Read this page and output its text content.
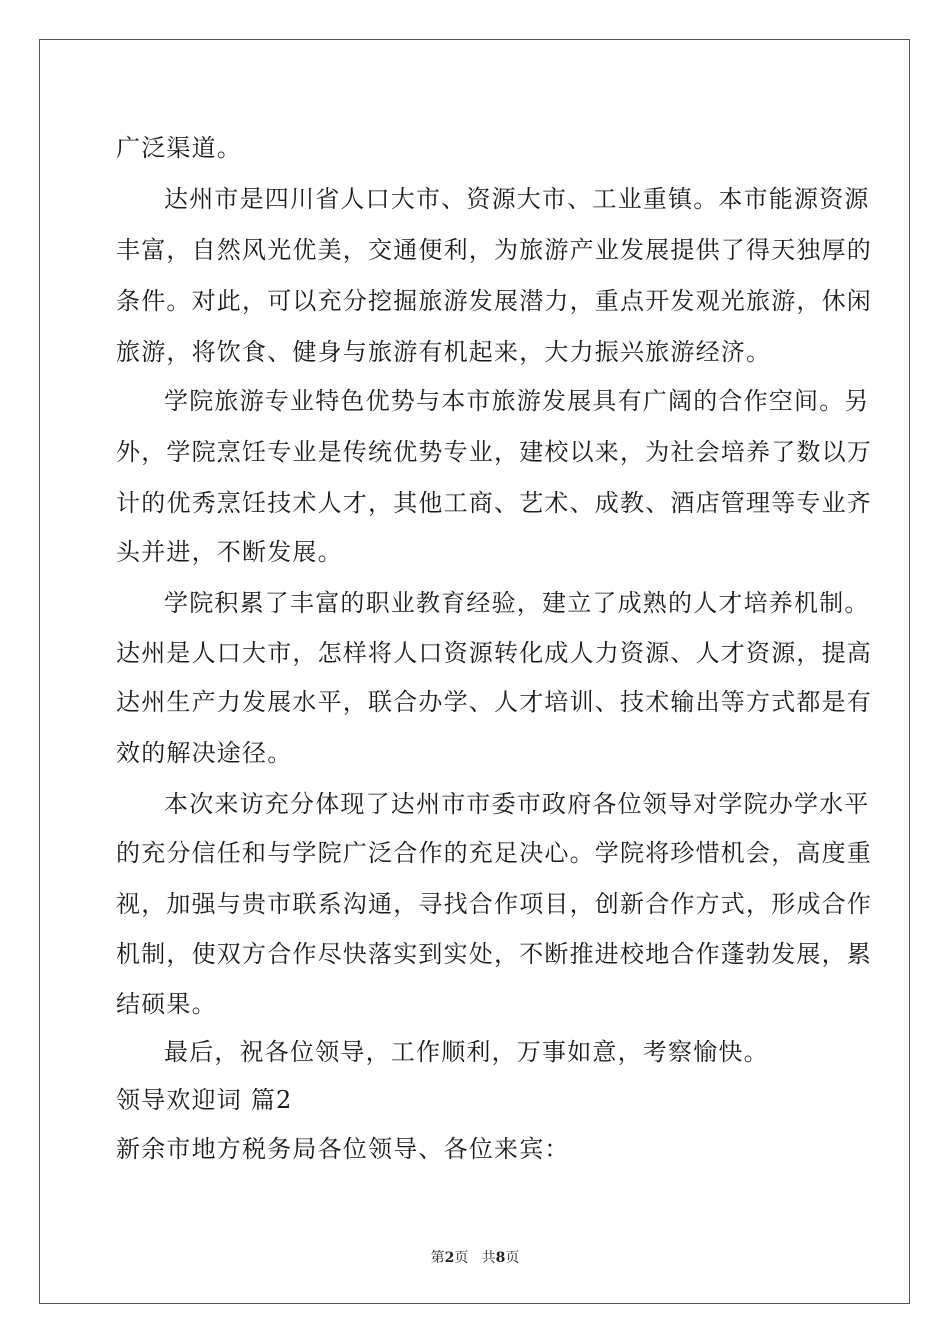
广泛渠道。
达州市是四川省人口大市、资源大市、工业重镇。本市能源资源
丰富，自然风光优美，交通便利，为旅游产业发展提供了得天独厚的
条件。对此，可以充分挖掘旅游发展潜力，重点开发观光旅游，休闲
旅游，将饮食、健身与旅游有机起来，大力振兴旅游经济。
学院旅游专业特色优势与本市旅游发展具有广阔的合作空间。另
外，学院烹饪专业是传统优势专业，建校以来，为社会培养了数以万
计的优秀烹饪技术人才，其他工商、艺术、成教、酒店管理等专业齐
头并进，不断发展。
学院积累了丰富的职业教育经验，建立了成熟的人才培养机制。
达州是人口大市，怎样将人口资源转化成人力资源、人才资源，提高
达州生产力发展水平，联合办学、人才培训、技术输出等方式都是有
效的解决途径。
本次来访充分体现了达州市市委市政府各位领导对学院办学水平
的充分信任和与学院广泛合作的充足决心。学院将珍惜机会，高度重
视，加强与贵市联系沟通，寻找合作项目，创新合作方式，形成合作
机制，使双方合作尽快落实到实处，不断推进校地合作蓬勃发展，累
结硕果。
最后，祝各位领导，工作顺利，万事如意，考察愉快。
领导欢迎词 篇2
新余市地方税务局各位领导、各位来宾：
第2页 共8页
